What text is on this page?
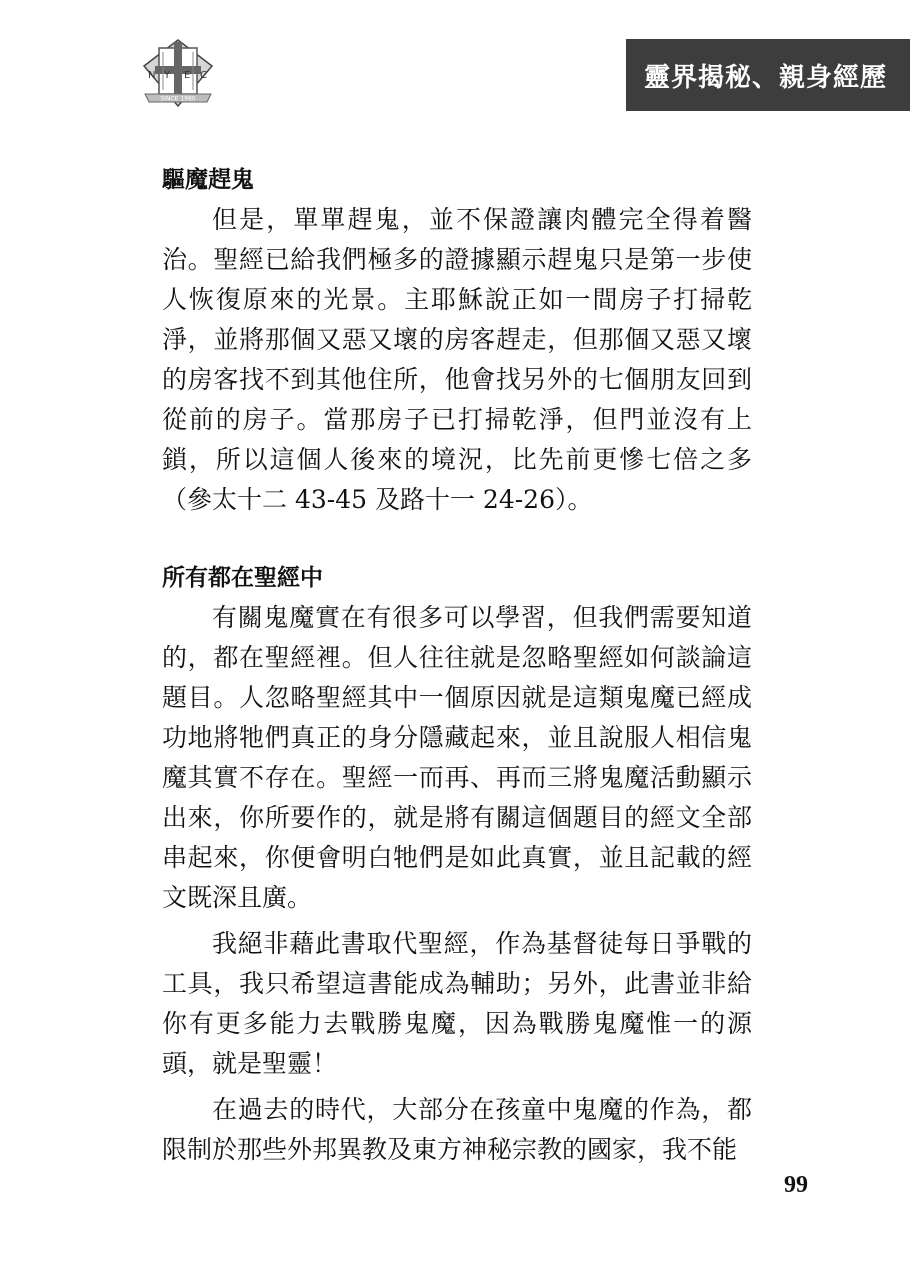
N Y E C
SINCE 1980
靈界揭秘、親身經歷
驅魔趕鬼

但是，單單趕鬼，並不保證讓肉體完全得着醫治。聖經已給我們極多的證據顯示趕鬼只是第一步使人恢復原來的光景。主耶穌說正如一間房子打掃乾淨，並將那個又惡又壞的房客趕走，但那個又惡又壞的房客找不到其他住所，他會找另外的七個朋友回到從前的房子。當那房子已打掃乾淨，但門並沒有上鎖，所以這個人後來的境況，比先前更慘七倍之多（參太十二 43-45 及路十一 24-26）。

所有都在聖經中

有關鬼魔實在有很多可以學習，但我們需要知道的，都在聖經裡。但人往往就是忽略聖經如何談論這題目。人忽略聖經其中一個原因就是這類鬼魔已經成功地將牠們真正的身分隱藏起來，並且說服人相信鬼魔其實不存在。聖經一而再、再而三將鬼魔活動顯示出來，你所要作的，就是將有關這個題目的經文全部串起來，你便會明白牠們是如此真實，並且記載的經文既深且廣。

我絕非藉此書取代聖經，作為基督徒每日爭戰的工具，我只希望這書能成為輔助；另外，此書並非給你有更多能力去戰勝鬼魔，因為戰勝鬼魔惟一的源頭，就是聖靈！

在過去的時代，大部分在孩童中鬼魔的作為，都限制於那些外邦異教及東方神秘宗教的國家，我不能

99
